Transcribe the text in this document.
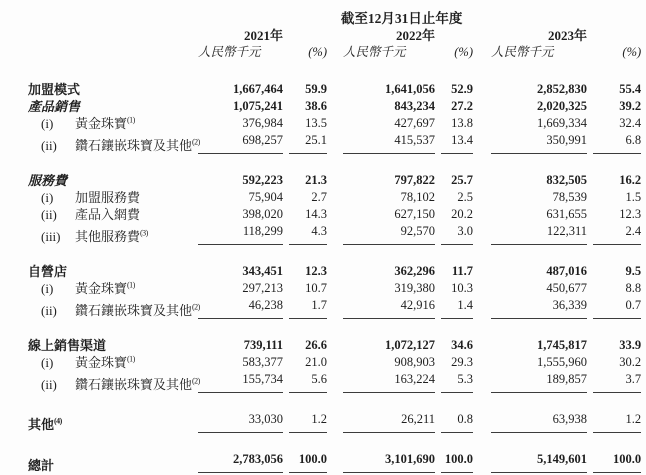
	截至12月31日止年度										
	2021年				2022年				2023年		
	人民幣千元		(%)		人民幣千元		(%)		人民幣千元		(%)

加盟模式	1,667,464		59.9		1,641,056		52.9		2,852,830		55.4
產品銷售	1,075,241		38.6		843,234		27.2		2,020,325		39.2
(i) 黃金珠寶$^{(1)}$	376,984		13.5		427,697		13.8		1,669,334		32.4
(ii) 鑽石鑲嵌珠寶及其他$^{(2)}$	698,257		25.1		415,537		13.4		350,991		6.8

服務費	592,223		21.3		797,822		25.7		832,505		16.2
(i) 加盟服務費	75,904		2.7		78,102		2.5		78,539		1.5
(ii) 產品入網費	398,020		14.3		627,150		20.2		631,655		12.3
(iii) 其他服務費$^{(3)}$	118,299		4.3		92,570		3.0		122,311		2.4

自營店	343,451		12.3		362,296		11.7		487,016		9.5
(i) 黃金珠寶$^{(1)}$	297,213		10.7		319,380		10.3		450,677		8.8
(ii) 鑽石鑲嵌珠寶及其他$^{(2)}$	46,238		1.7		42,916		1.4		36,339		0.7

線上銷售渠道	739,111		26.6		1,072,127		34.6		1,745,817		33.9
(i) 黃金珠寶$^{(1)}$	583,377		21.0		908,903		29.3		1,555,960		30.2
(ii) 鑽石鑲嵌珠寶及其他$^{(2)}$	155,734		5.6		163,224		5.3		189,857		3.7

其他$^{(4)}$	33,030		1.2		26,211		0.8		63,938		1.2

總計	2,783,056		100.0		3,101,690		100.0		5,149,601		100.0
